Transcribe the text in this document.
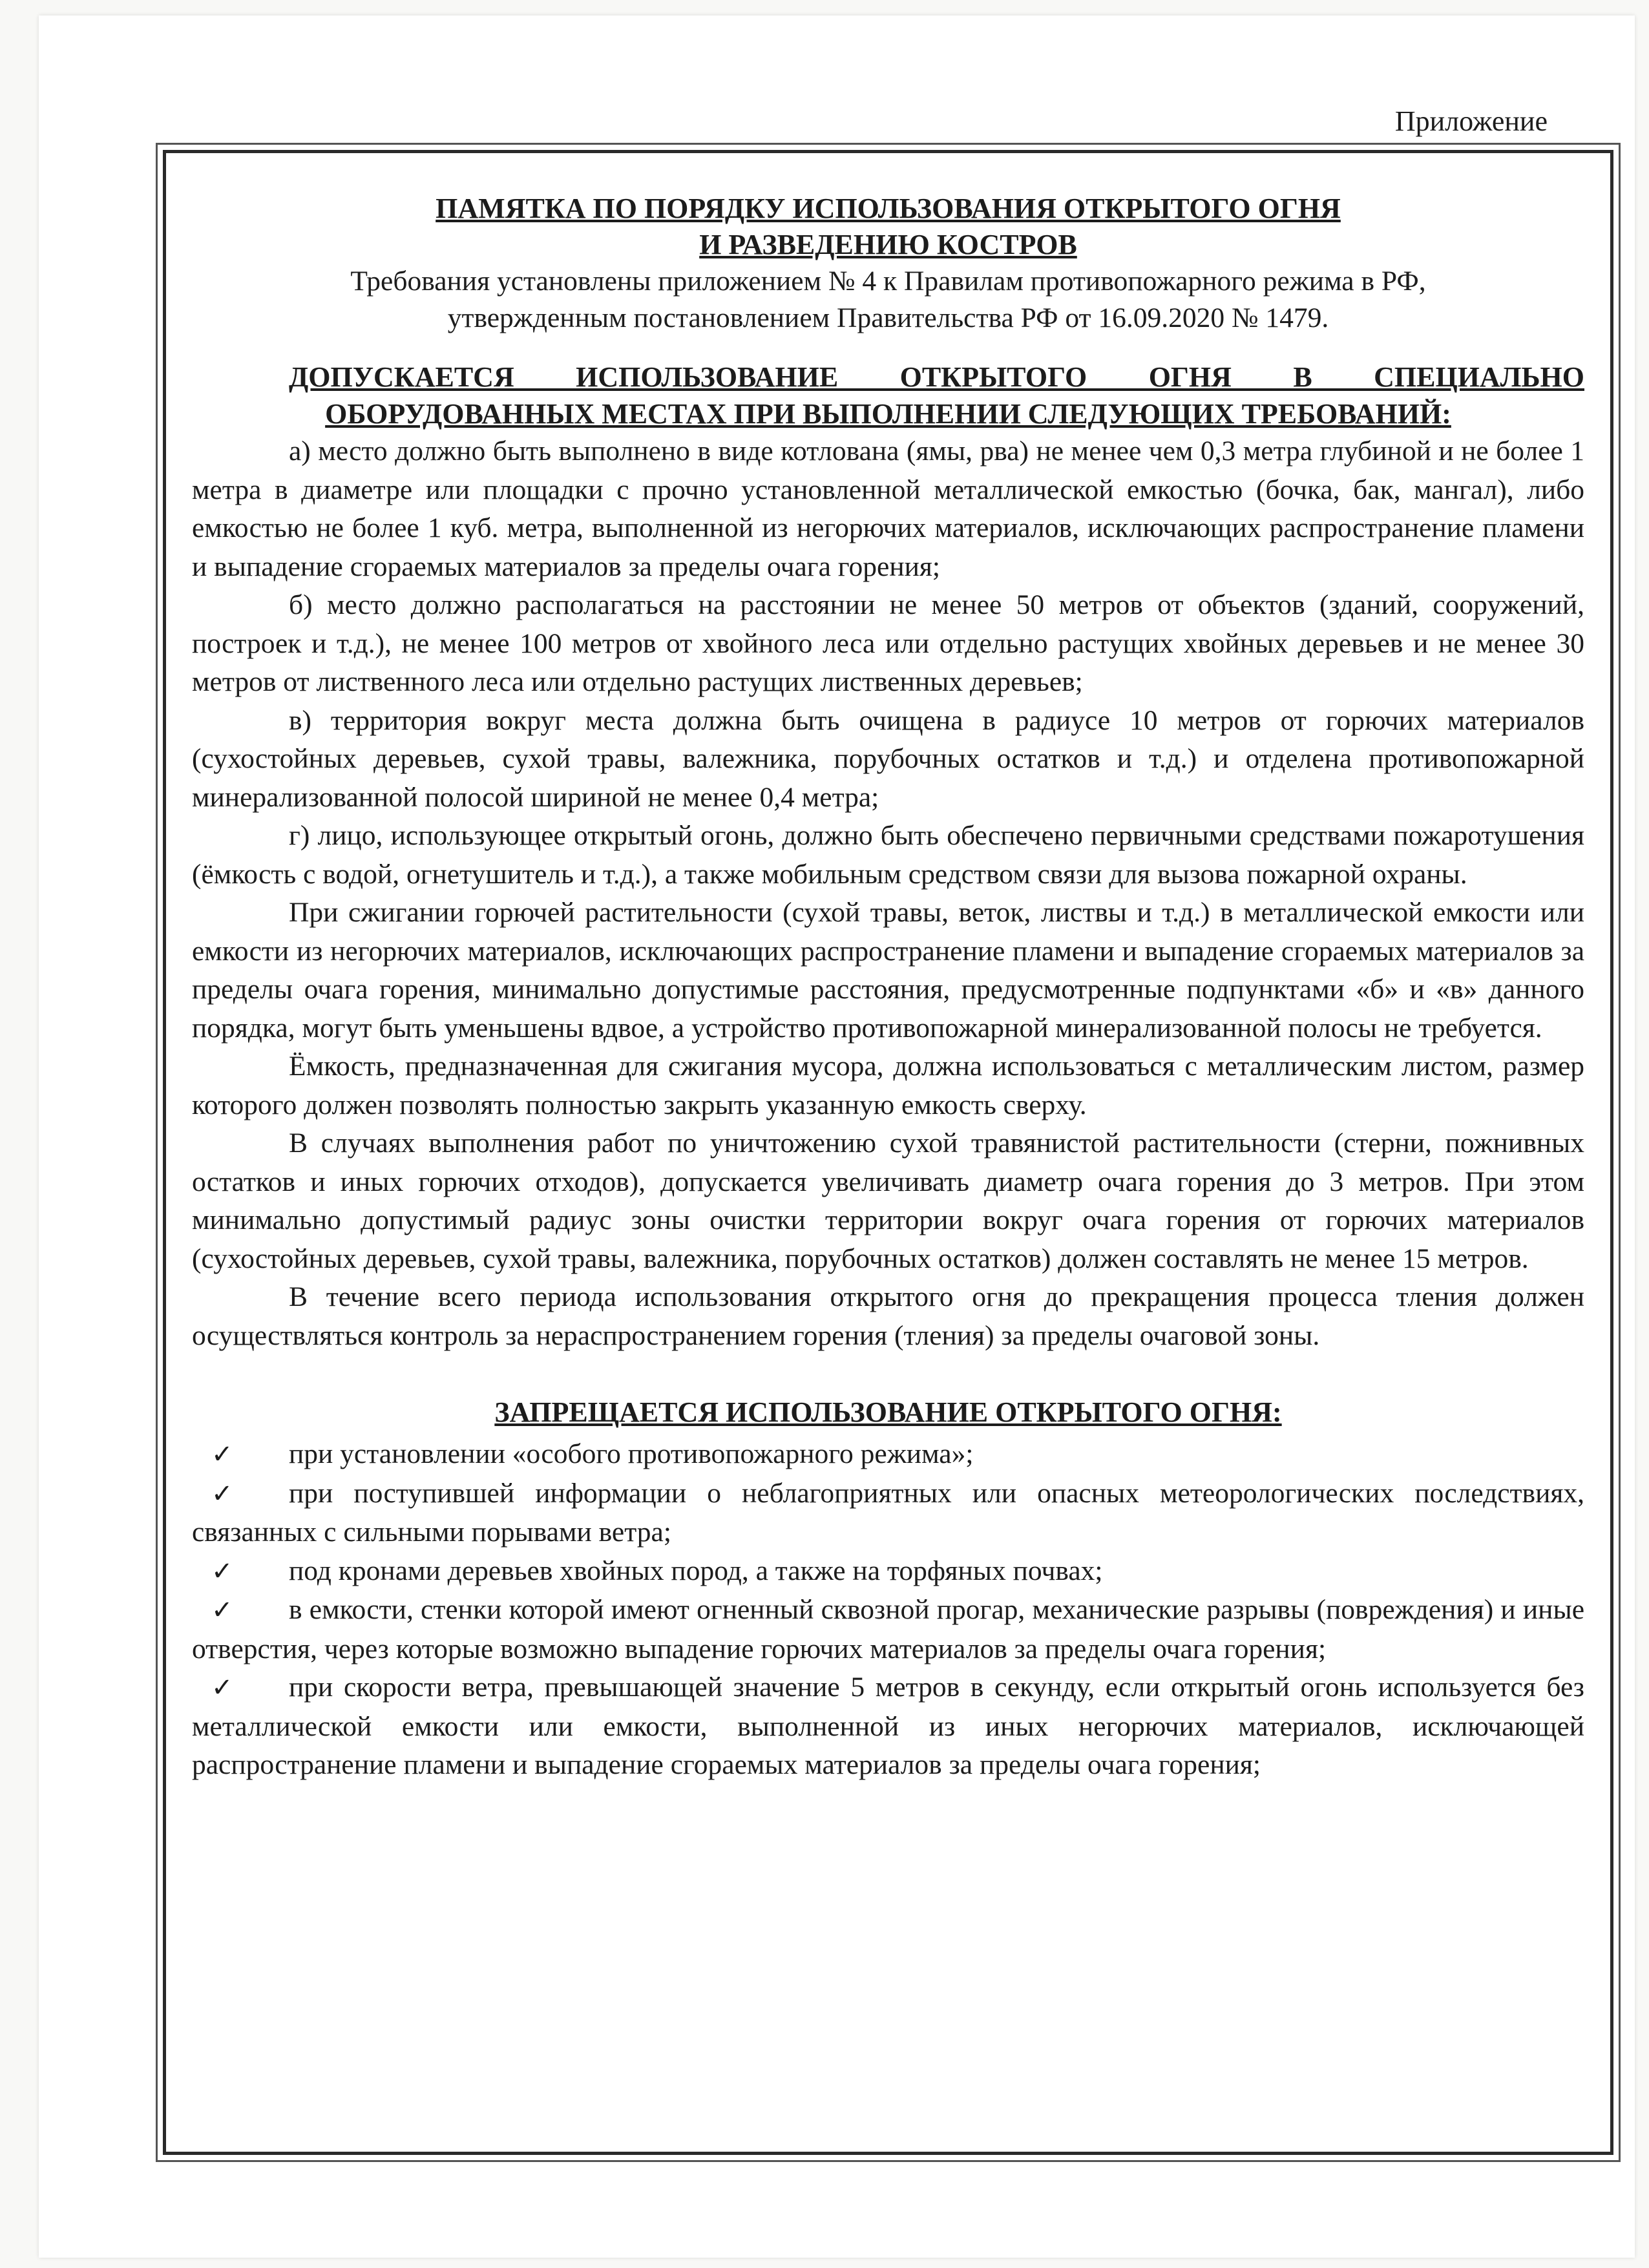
Приложение

ПАМЯТКА ПО ПОРЯДКУ ИСПОЛЬЗОВАНИЯ ОТКРЫТОГО ОГНЯ

И РАЗВЕДЕНИЮ КОСТРОВ

Требования установлены приложением № 4 к Правилам противопожарного режима в РФ,

утвержденным постановлением Правительства РФ от 16.09.2020 № 1479.

ДОПУСКАЕТСЯ ИСПОЛЬЗОВАНИЕ ОТКРЫТОГО ОГНЯ В СПЕЦИАЛЬНО ОБОРУДОВАННЫХ МЕСТАХ ПРИ ВЫПОЛНЕНИИ СЛЕДУЮЩИХ ТРЕБОВАНИЙ:

а) место должно быть выполнено в виде котлована (ямы, рва) не менее чем 0,3 метра глубиной и не более 1 метра в диаметре или площадки с прочно установленной металлической емкостью (бочка, бак, мангал), либо емкостью не более 1 куб. метра, выполненной из негорючих материалов, исключающих распространение пламени и выпадение сгораемых материалов за пределы очага горения;

б) место должно располагаться на расстоянии не менее 50 метров от объектов (зданий, сооружений, построек и т.д.), не менее 100 метров от хвойного леса или отдельно растущих хвойных деревьев и не менее 30 метров от лиственного леса или отдельно растущих лиственных деревьев;

в) территория вокруг места должна быть очищена в радиусе 10 метров от горючих материалов (сухостойных деревьев, сухой травы, валежника, порубочных остатков и т.д.) и отделена противопожарной минерализованной полосой шириной не менее 0,4 метра;

г) лицо, использующее открытый огонь, должно быть обеспечено первичными средствами пожаротушения (ёмкость с водой, огнетушитель и т.д.), а также мобильным средством связи для вызова пожарной охраны.

При сжигании горючей растительности (сухой травы, веток, листвы и т.д.) в металлической емкости или емкости из негорючих материалов, исключающих распространение пламени и выпадение сгораемых материалов за пределы очага горения, минимально допустимые расстояния, предусмотренные подпунктами «б» и «в» данного порядка, могут быть уменьшены вдвое, а устройство противопожарной минерализованной полосы не требуется.

Ёмкость, предназначенная для сжигания мусора, должна использоваться с металлическим листом, размер которого должен позволять полностью закрыть указанную емкость сверху.

В случаях выполнения работ по уничтожению сухой травянистой растительности (стерни, пожнивных остатков и иных горючих отходов), допускается увеличивать диаметр очага горения до 3 метров. При этом минимально допустимый радиус зоны очистки территории вокруг очага горения от горючих материалов (сухостойных деревьев, сухой травы, валежника, порубочных остатков) должен составлять не менее 15 метров.

В течение всего периода использования открытого огня до прекращения процесса тления должен осуществляться контроль за нераспространением горения (тления) за пределы очаговой зоны.

ЗАПРЕЩАЕТСЯ ИСПОЛЬЗОВАНИЕ ОТКРЫТОГО ОГНЯ:

✓ при установлении «особого противопожарного режима»;
✓ при поступившей информации о неблагоприятных или опасных метеорологических последствиях, связанных с сильными порывами ветра;
✓ под кронами деревьев хвойных пород, а также на торфяных почвах;
✓ в емкости, стенки которой имеют огненный сквозной прогар, механические разрывы (повреждения) и иные отверстия, через которые возможно выпадение горючих материалов за пределы очага горения;
✓ при скорости ветра, превышающей значение 5 метров в секунду, если открытый огонь используется без металлической емкости или емкости, выполненной из иных негорючих материалов, исключающей распространение пламени и выпадение сгораемых материалов за пределы очага горения;
